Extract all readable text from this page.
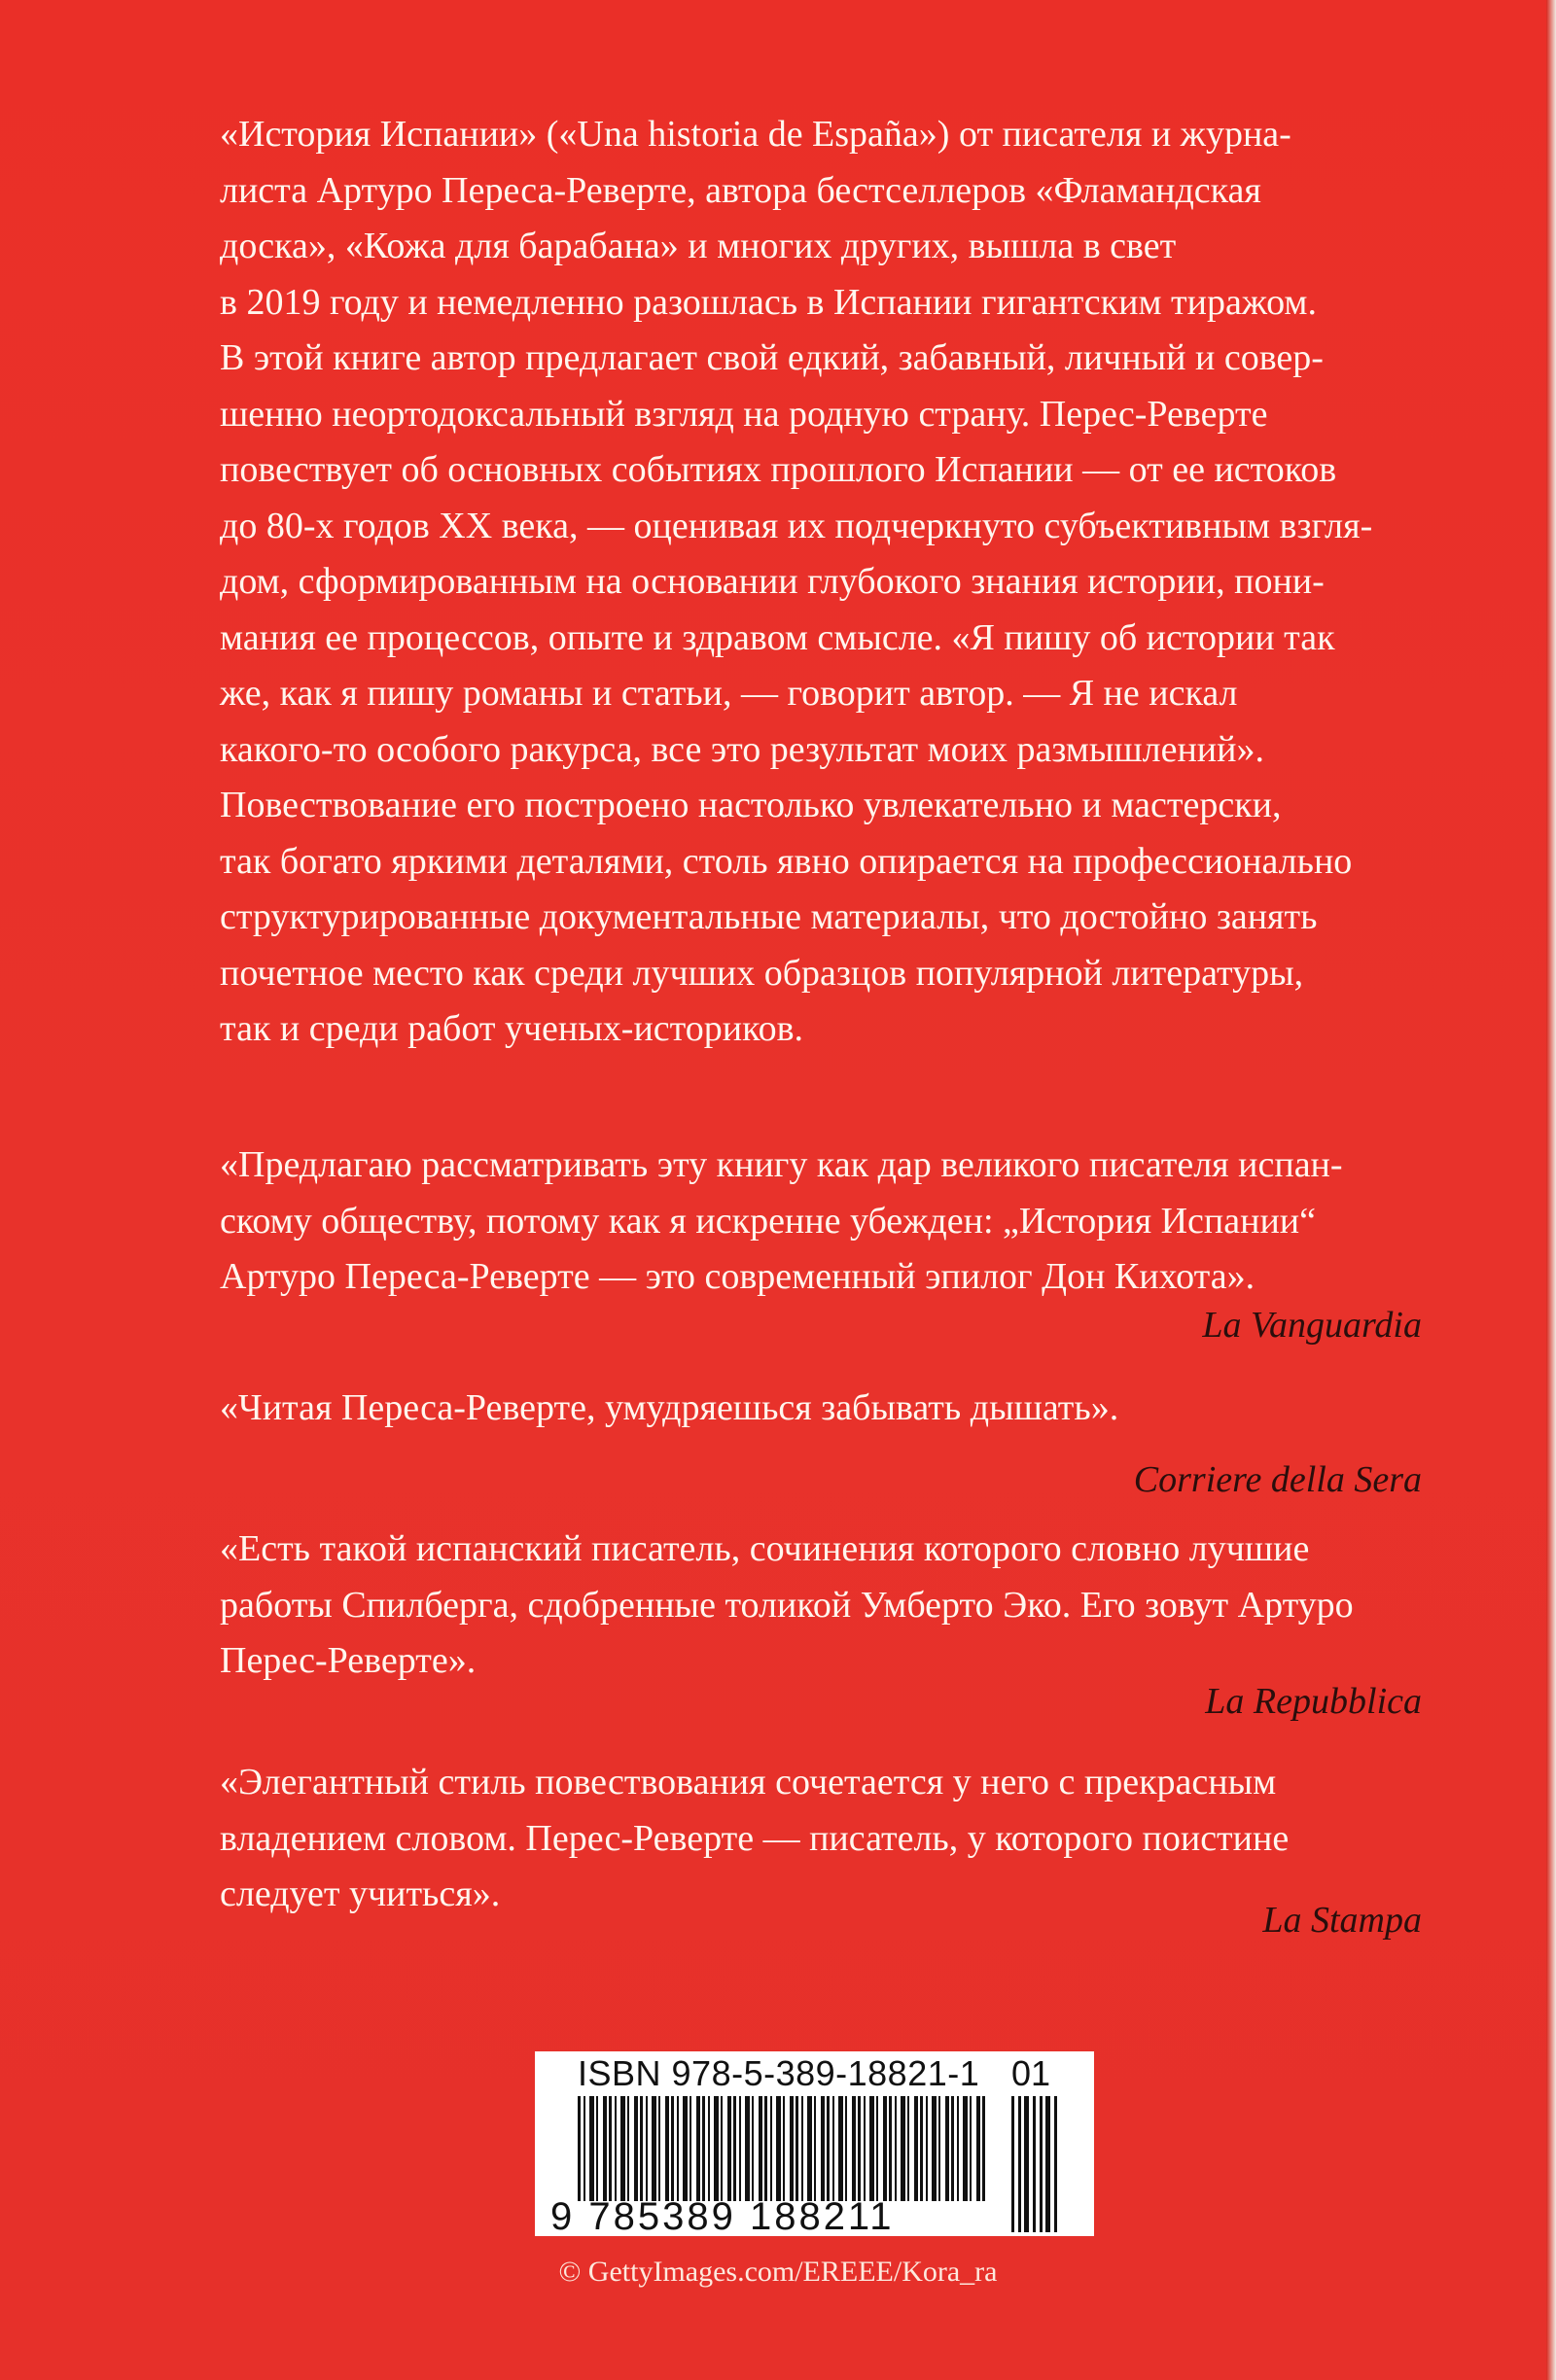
«История Испании» («Una historia de España») от писателя и журна-

листа Артуро Переса-Реверте, автора бестселлеров «Фламандская

доска», «Кожа для барабана» и многих других, вышла в свет

в 2019 году и немедленно разошлась в Испании гигантским тиражом.

В этой книге автор предлагает свой едкий, забавный, личный и совер-

шенно неортодоксальный взгляд на родную страну. Перес-Реверте

повествует об основных событиях прошлого Испании — от ее истоков

до 80-х годов XX века, — оценивая их подчеркнуто субъективным взгля-

дом, сформированным на основании глубокого знания истории, пони-

мания ее процессов, опыте и здравом смысле. «Я пишу об истории так

же, как я пишу романы и статьи, — говорит автор. — Я не искал

какого-то особого ракурса, все это результат моих размышлений».

Повествование его построено настолько увлекательно и мастерски,

так богато яркими деталями, столь явно опирается на профессионально

структурированные документальные материалы, что достойно занять

почетное место как среди лучших образцов популярной литературы,

так и среди работ ученых-историков.

«Предлагаю рассматривать эту книгу как дар великого писателя испан-

скому обществу, потому как я искренне убежден: „История Испании“

Артуро Переса-Реверте — это современный эпилог Дон Кихота».

La Vanguardia

«Читая Переса-Реверте, умудряешься забывать дышать».

Corriere della Sera

«Есть такой испанский писатель, сочинения которого словно лучшие

работы Спилберга, сдобренные толикой Умберто Эко. Его зовут Артуро

Перес-Реверте».

La Repubblica

«Элегантный стиль повествования сочетается у него с прекрасным

владением словом. Перес-Реверте — писатель, у которого поистине

следует учиться».

La Stampa
ISBN 978-5-389-18821-1 01
9 785389 188211
© GettyImages.com/EREEE/Kora_ra
